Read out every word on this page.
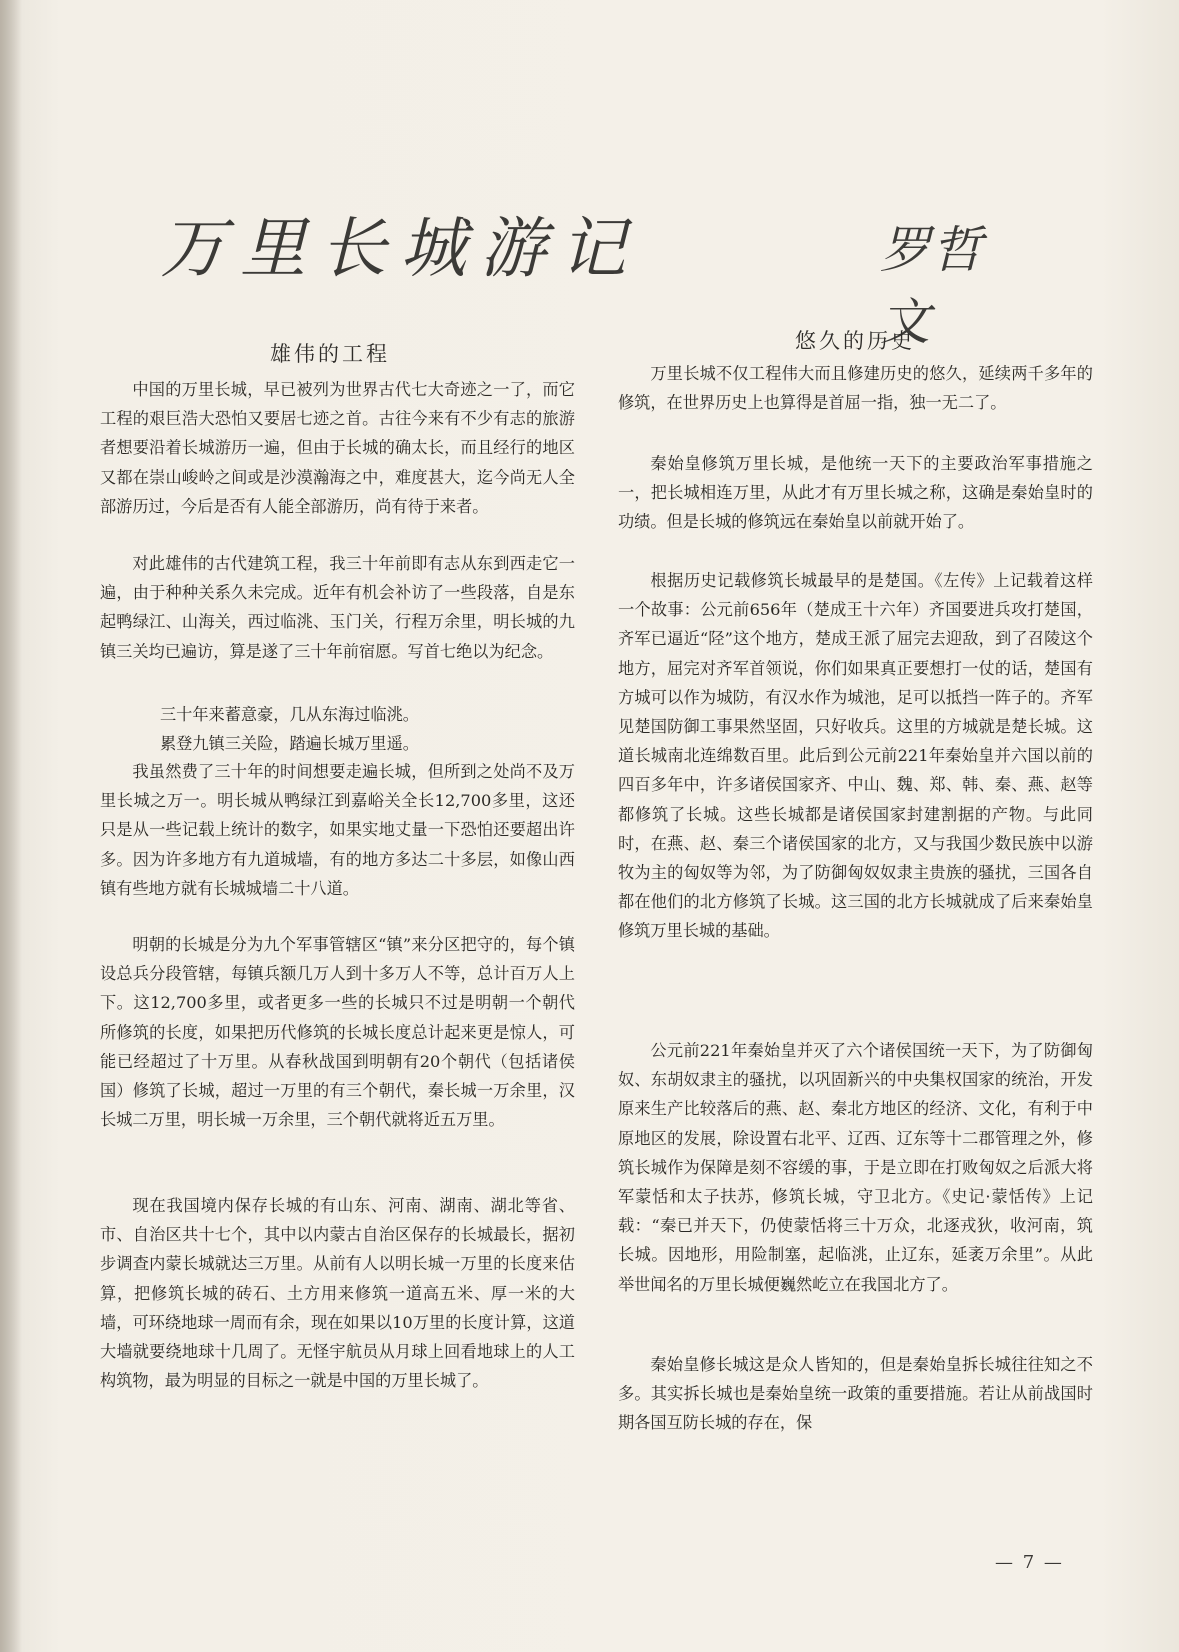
万里长城游记	罗哲文
雄伟的工程

中国的万里长城，早已被列为世界古代七大奇迹之一了，而它工程的艰巨浩大恐怕又要居七迹之首。古往今来有不少有志的旅游者想要沿着长城游历一遍，但由于长城的确太长，而且经行的地区又都在崇山峻岭之间或是沙漠瀚海之中，难度甚大，迄今尚无人全部游历过，今后是否有人能全部游历，尚有待于来者。

对此雄伟的古代建筑工程，我三十年前即有志从东到西走它一遍，由于种种关系久未完成。近年有机会补访了一些段落，自是东起鸭绿江、山海关，西过临洮、玉门关，行程万余里，明长城的九镇三关均已遍访，算是遂了三十年前宿愿。写首七绝以为纪念。

三十年来蓄意豪，几从东海过临洮。
累登九镇三关险，踏遍长城万里遥。

我虽然费了三十年的时间想要走遍长城，但所到之处尚不及万里长城之万一。明长城从鸭绿江到嘉峪关全长12,700多里，这还只是从一些记载上统计的数字，如果实地丈量一下恐怕还要超出许多。因为许多地方有九道城墙，有的地方多达二十多层，如像山西镇有些地方就有长城城墙二十八道。

明朝的长城是分为九个军事管辖区“镇”来分区把守的，每个镇设总兵分段管辖，每镇兵额几万人到十多万人不等，总计百万人上下。这12,700多里，或者更多一些的长城只不过是明朝一个朝代所修筑的长度，如果把历代修筑的长城长度总计起来更是惊人，可能已经超过了十万里。从春秋战国到明朝有20个朝代（包括诸侯国）修筑了长城，超过一万里的有三个朝代，秦长城一万余里，汉长城二万里，明长城一万余里，三个朝代就将近五万里。

现在我国境内保存长城的有山东、河南、湖南、湖北等省、市、自治区共十七个，其中以内蒙古自治区保存的长城最长，据初步调查内蒙长城就达三万里。从前有人以明长城一万里的长度来估算，把修筑长城的砖石、土方用来修筑一道高五米、厚一米的大墙，可环绕地球一周而有余，现在如果以10万里的长度计算，这道大墙就要绕地球十几周了。无怪宇航员从月球上回看地球上的人工构筑物，最为明显的目标之一就是中国的万里长城了。

悠久的历史

万里长城不仅工程伟大而且修建历史的悠久，延续两千多年的修筑，在世界历史上也算得是首屈一指，独一无二了。

秦始皇修筑万里长城，是他统一天下的主要政治军事措施之一，把长城相连万里，从此才有万里长城之称，这确是秦始皇时的功绩。但是长城的修筑远在秦始皇以前就开始了。

根据历史记载修筑长城最早的是楚国。《左传》上记载着这样一个故事：公元前656年（楚成王十六年）齐国要进兵攻打楚国，齐军已逼近“陉”这个地方，楚成王派了屈完去迎敌，到了召陵这个地方，屈完对齐军首领说，你们如果真正要想打一仗的话，楚国有方城可以作为城防，有汉水作为城池，足可以抵挡一阵子的。齐军见楚国防御工事果然坚固，只好收兵。这里的方城就是楚长城。这道长城南北连绵数百里。此后到公元前221年秦始皇并六国以前的四百多年中，许多诸侯国家齐、中山、魏、郑、韩、秦、燕、赵等都修筑了长城。这些长城都是诸侯国家封建割据的产物。与此同时，在燕、赵、秦三个诸侯国家的北方，又与我国少数民族中以游牧为主的匈奴等为邻，为了防御匈奴奴隶主贵族的骚扰，三国各自都在他们的北方修筑了长城。这三国的北方长城就成了后来秦始皇修筑万里长城的基础。

公元前221年秦始皇并灭了六个诸侯国统一天下，为了防御匈奴、东胡奴隶主的骚扰，以巩固新兴的中央集权国家的统治，开发原来生产比较落后的燕、赵、秦北方地区的经济、文化，有利于中原地区的发展，除设置右北平、辽西、辽东等十二郡管理之外，修筑长城作为保障是刻不容缓的事，于是立即在打败匈奴之后派大将军蒙恬和太子扶苏，修筑长城，守卫北方。《史记·蒙恬传》上记载：“秦已并天下，仍使蒙恬将三十万众，北逐戎狄，收河南，筑长城。因地形，用险制塞，起临洮，止辽东，延袤万余里”。从此举世闻名的万里长城便巍然屹立在我国北方了。

秦始皇修长城这是众人皆知的，但是秦始皇拆长城往往知之不多。其实拆长城也是秦始皇统一政策的重要措施。若让从前战国时期各国互防长城的存在，保

— 7 —
